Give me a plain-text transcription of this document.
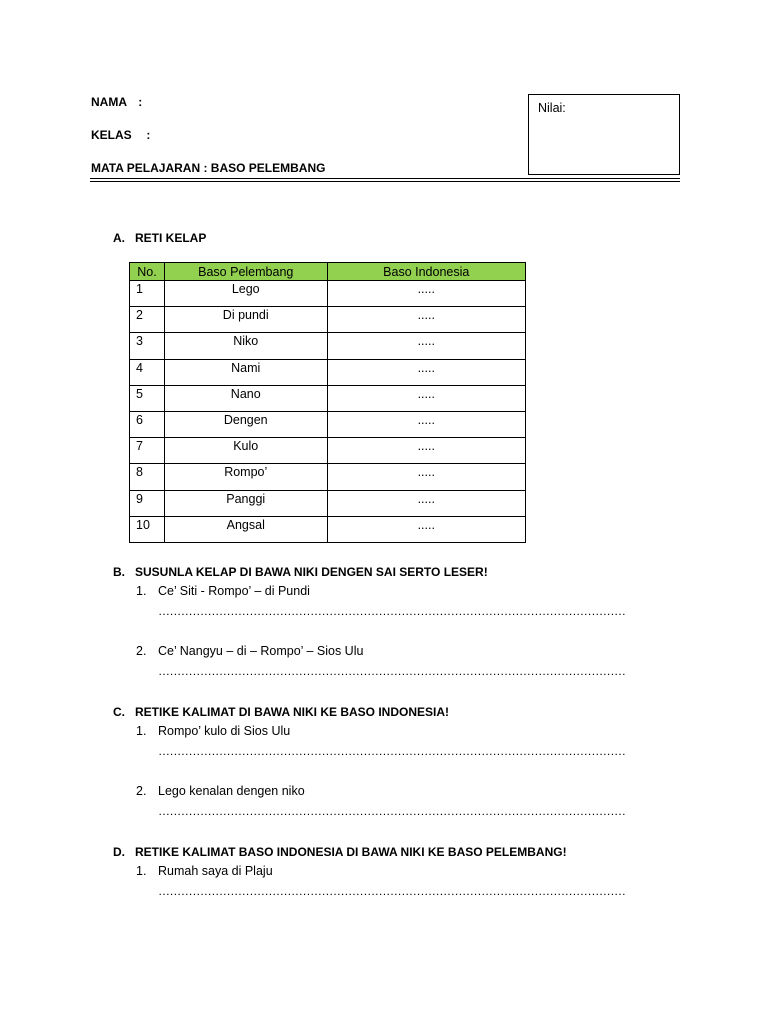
NAMA :
KELAS :
MATA PELAJARAN : BASO PELEMBANG
Nilai:
A. RETI KELAP
No.	Baso Pelembang	Baso Indonesia
1	Lego	.....
2	Di pundi	.....
3	Niko	.....
4	Nami	.....
5	Nano	.....
6	Dengen	.....
7	Kulo	.....
8	Rompo’	.....
9	Panggi	.....
10	Angsal	.....
B. SUSUNLA KELAP DI BAWA NIKI DENGEN SAI SERTO LESER!
1. Ce’ Siti - Rompo’ – di Pundi
……………………………………………………………………………………………………………
2. Ce’ Nangyu – di – Rompo’ – Sios Ulu
……………………………………………………………………………………………………………
C. RETIKE KALIMAT DI BAWA NIKI KE BASO INDONESIA!
1. Rompo’ kulo di Sios Ulu
……………………………………………………………………………………………………………
2. Lego kenalan dengen niko
……………………………………………………………………………………………………………
D. RETIKE KALIMAT BASO INDONESIA DI BAWA NIKI KE BASO PELEMBANG!
1. Rumah saya di Plaju
……………………………………………………………………………………………………………
